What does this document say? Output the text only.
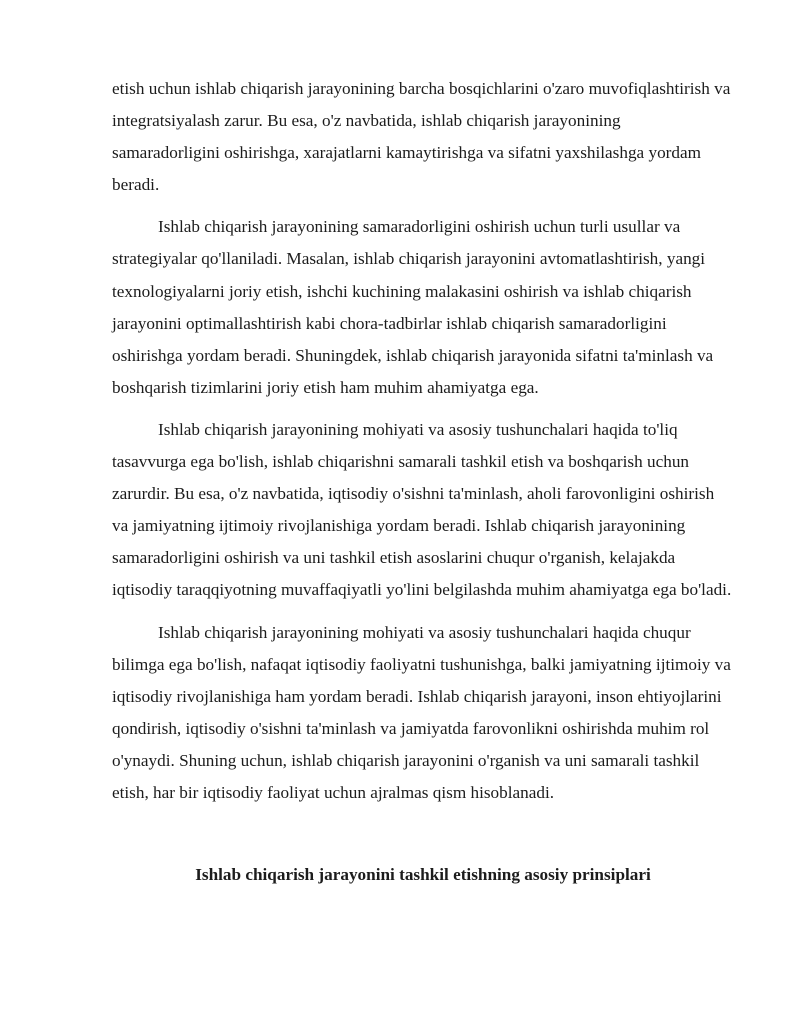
etish uchun ishlab chiqarish jarayonining barcha bosqichlarini o'zaro muvofiqlashtirish va integratsiyalash zarur. Bu esa, o'z navbatida, ishlab chiqarish jarayonining samaradorligini oshirishga, xarajatlarni kamaytirishga va sifatni yaxshilashga yordam beradi.

Ishlab chiqarish jarayonining samaradorligini oshirish uchun turli usullar va strategiyalar qo'llaniladi. Masalan, ishlab chiqarish jarayonini avtomatlashtirish, yangi texnologiyalarni joriy etish, ishchi kuchining malakasini oshirish va ishlab chiqarish jarayonini optimallashtirish kabi chora-tadbirlar ishlab chiqarish samaradorligini oshirishga yordam beradi. Shuningdek, ishlab chiqarish jarayonida sifatni ta'minlash va boshqarish tizimlarini joriy etish ham muhim ahamiyatga ega.

Ishlab chiqarish jarayonining mohiyati va asosiy tushunchalari haqida to'liq tasavvurga ega bo'lish, ishlab chiqarishni samarali tashkil etish va boshqarish uchun zarurdir. Bu esa, o'z navbatida, iqtisodiy o'sishni ta'minlash, aholi farovonligini oshirish va jamiyatning ijtimoiy rivojlanishiga yordam beradi. Ishlab chiqarish jarayonining samaradorligini oshirish va uni tashkil etish asoslarini chuqur o'rganish, kelajakda iqtisodiy taraqqiyotning muvaffaqiyatli yo'lini belgilashda muhim ahamiyatga ega bo'ladi.

Ishlab chiqarish jarayonining mohiyati va asosiy tushunchalari haqida chuqur bilimga ega bo'lish, nafaqat iqtisodiy faoliyatni tushunishga, balki jamiyatning ijtimoiy va iqtisodiy rivojlanishiga ham yordam beradi. Ishlab chiqarish jarayoni, inson ehtiyojlarini qondirish, iqtisodiy o'sishni ta'minlash va jamiyatda farovonlikni oshirishda muhim rol o'ynaydi. Shuning uchun, ishlab chiqarish jarayonini o'rganish va uni samarali tashkil etish, har bir iqtisodiy faoliyat uchun ajralmas qism hisoblanadi.

Ishlab chiqarish jarayonini tashkil etishning asosiy prinsiplari
